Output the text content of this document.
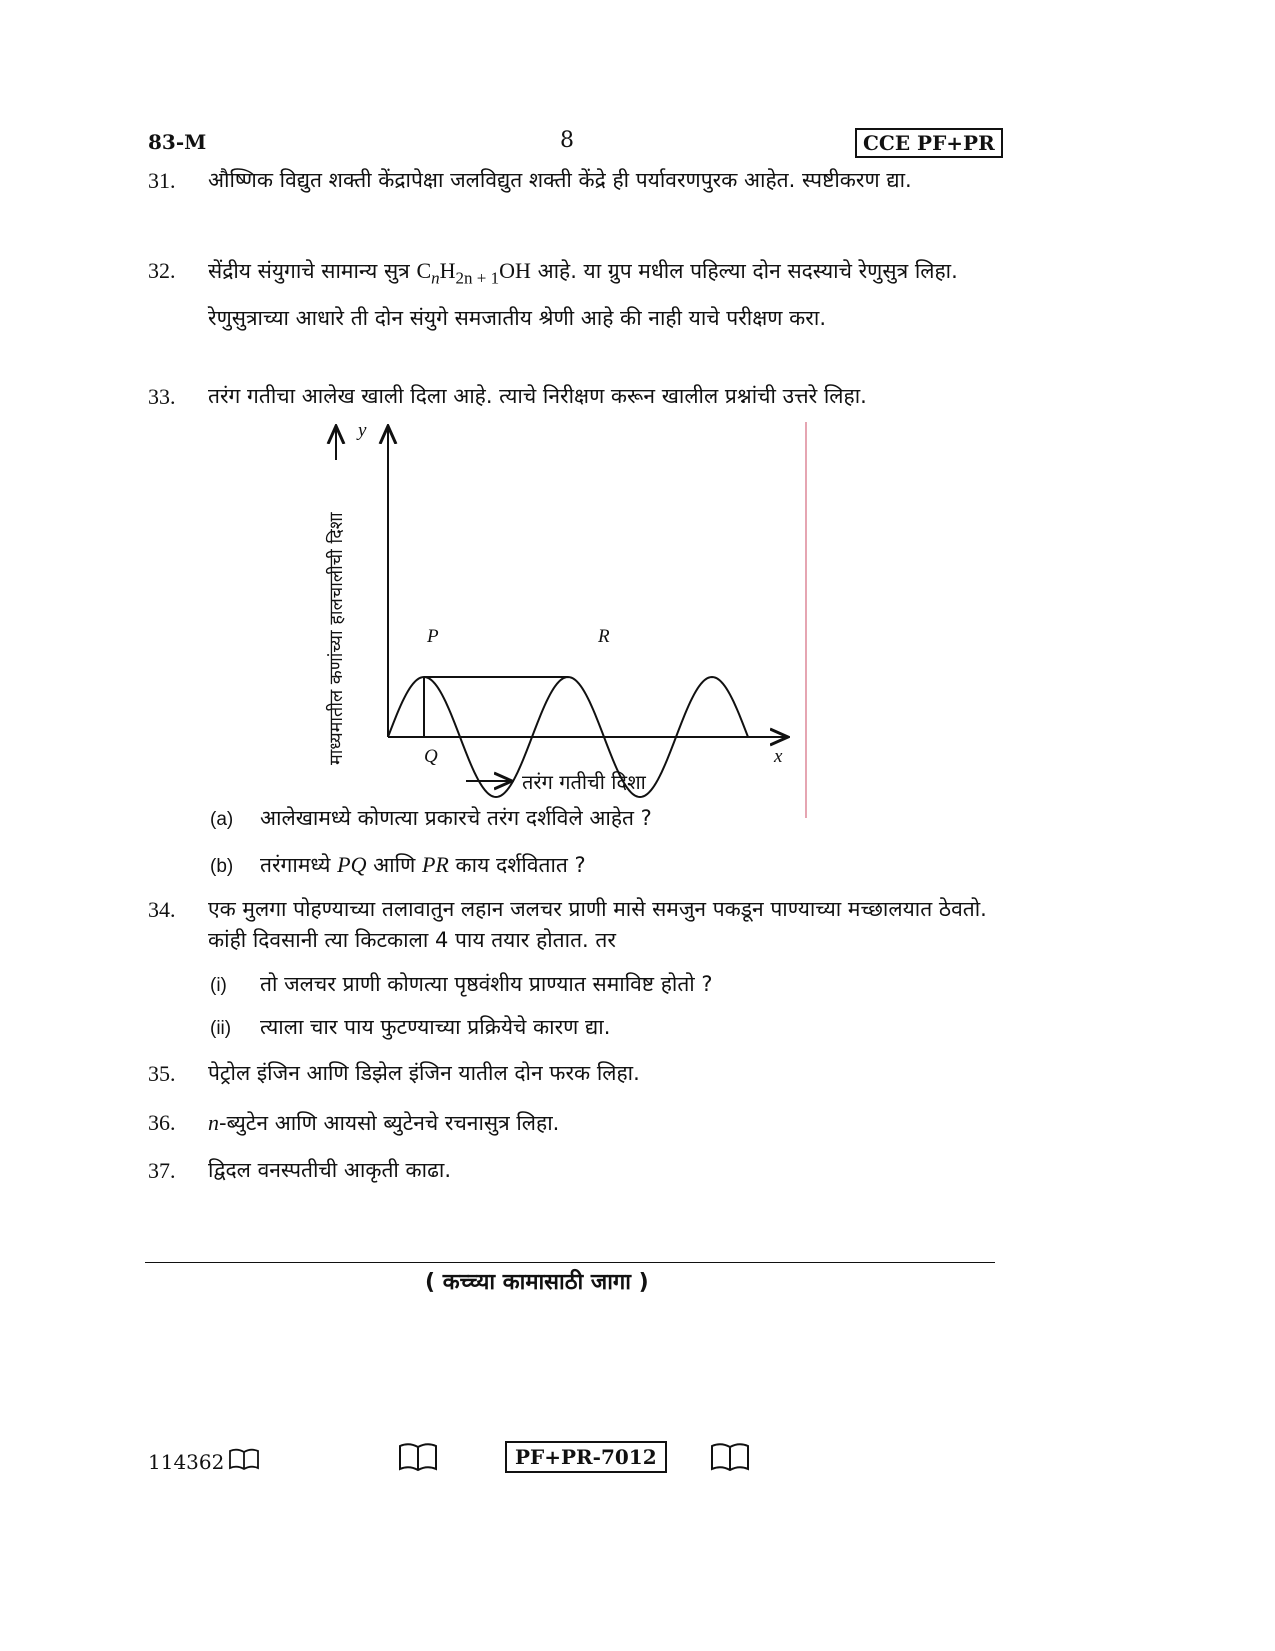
83-M	8	CCE PF+PR
31. औष्णिक विद्युत शक्ती केंद्रापेक्षा जलविद्युत शक्ती केंद्रे ही पर्यावरणपुरक आहेत. स्पष्टीकरण द्या.
32. सेंद्रीय संयुगाचे सामान्य सुत्र $C_nH_{2n + 1}OH$ आहे. या ग्रुप मधील पहिल्या दोन सदस्याचे रेणुसुत्र लिहा. रेणुसुत्राच्या आधारे ती दोन संयुगे समजातीय श्रेणी आहे की नाही याचे परीक्षण करा.
33. तरंग गतीचा आलेख खाली दिला आहे. त्याचे निरीक्षण करून खालील प्रश्नांची उत्तरे लिहा.
y
x
माध्यमातील कणांच्या हालचालीची दिशा	P
Q
R
तरंग गतीची दिशा
(a) आलेखामध्ये कोणत्या प्रकारचे तरंग दर्शविले आहेत ?
(b) तरंगामध्ये PQ आणि PR काय दर्शवितात ?
34. एक मुलगा पोहण्याच्या तलावातुन लहान जलचर प्राणी मासे समजुन पकडून पाण्याच्या मच्छालयात ठेवतो. कांही दिवसानी त्या किटकाला 4 पाय तयार होतात. तर
(i) तो जलचर प्राणी कोणत्या पृष्ठवंशीय प्राण्यात समाविष्ट होतो ?
(ii) त्याला चार पाय फुटण्याच्या प्रक्रियेचे कारण द्या.
35. पेट्रोल इंजिन आणि डिझेल इंजिन यातील दोन फरक लिहा.
36. n-ब्युटेन आणि आयसो ब्युटेनचे रचनासुत्र लिहा.
37. द्विदल वनस्पतीची आकृती काढा.
( कच्च्या कामासाठी जागा )
114362	PF+PR-7012
